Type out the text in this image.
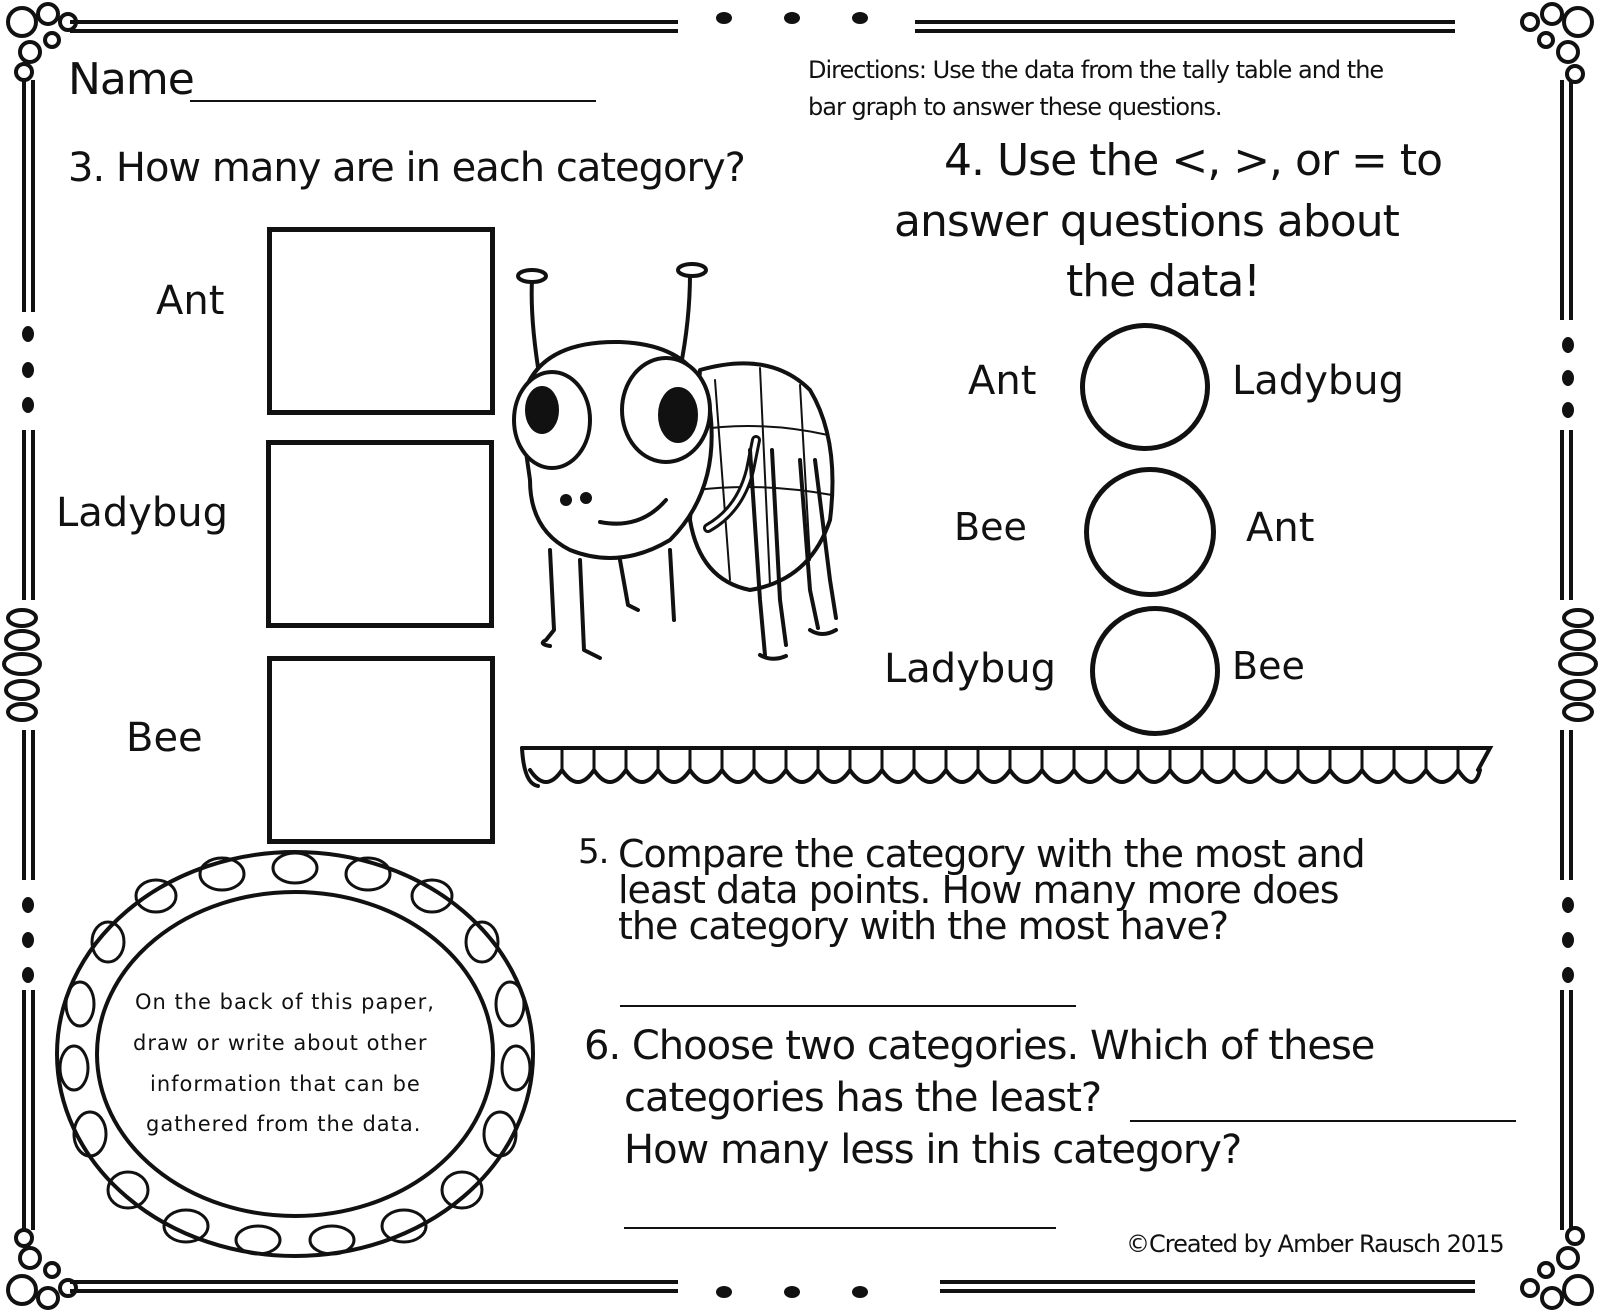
Name	Directions: Use the data from the tally table and the
bar graph to answer these questions.
3. How many are in each category?
Ant
Ladybug
Bee
4. Use the <, >, or = to
answer questions about
the data!
Ant	Ladybug
Bee	Ant
Ladybug	Bee
5. Compare the category with the most and
least data points. How many more does
the category with the most have?
6. Choose two categories. Which of these
categories has the least?
How many less in this category?
On the back of this paper,
draw or write about other
information that can be
gathered from the data.
©Created by Amber Rausch 2015
